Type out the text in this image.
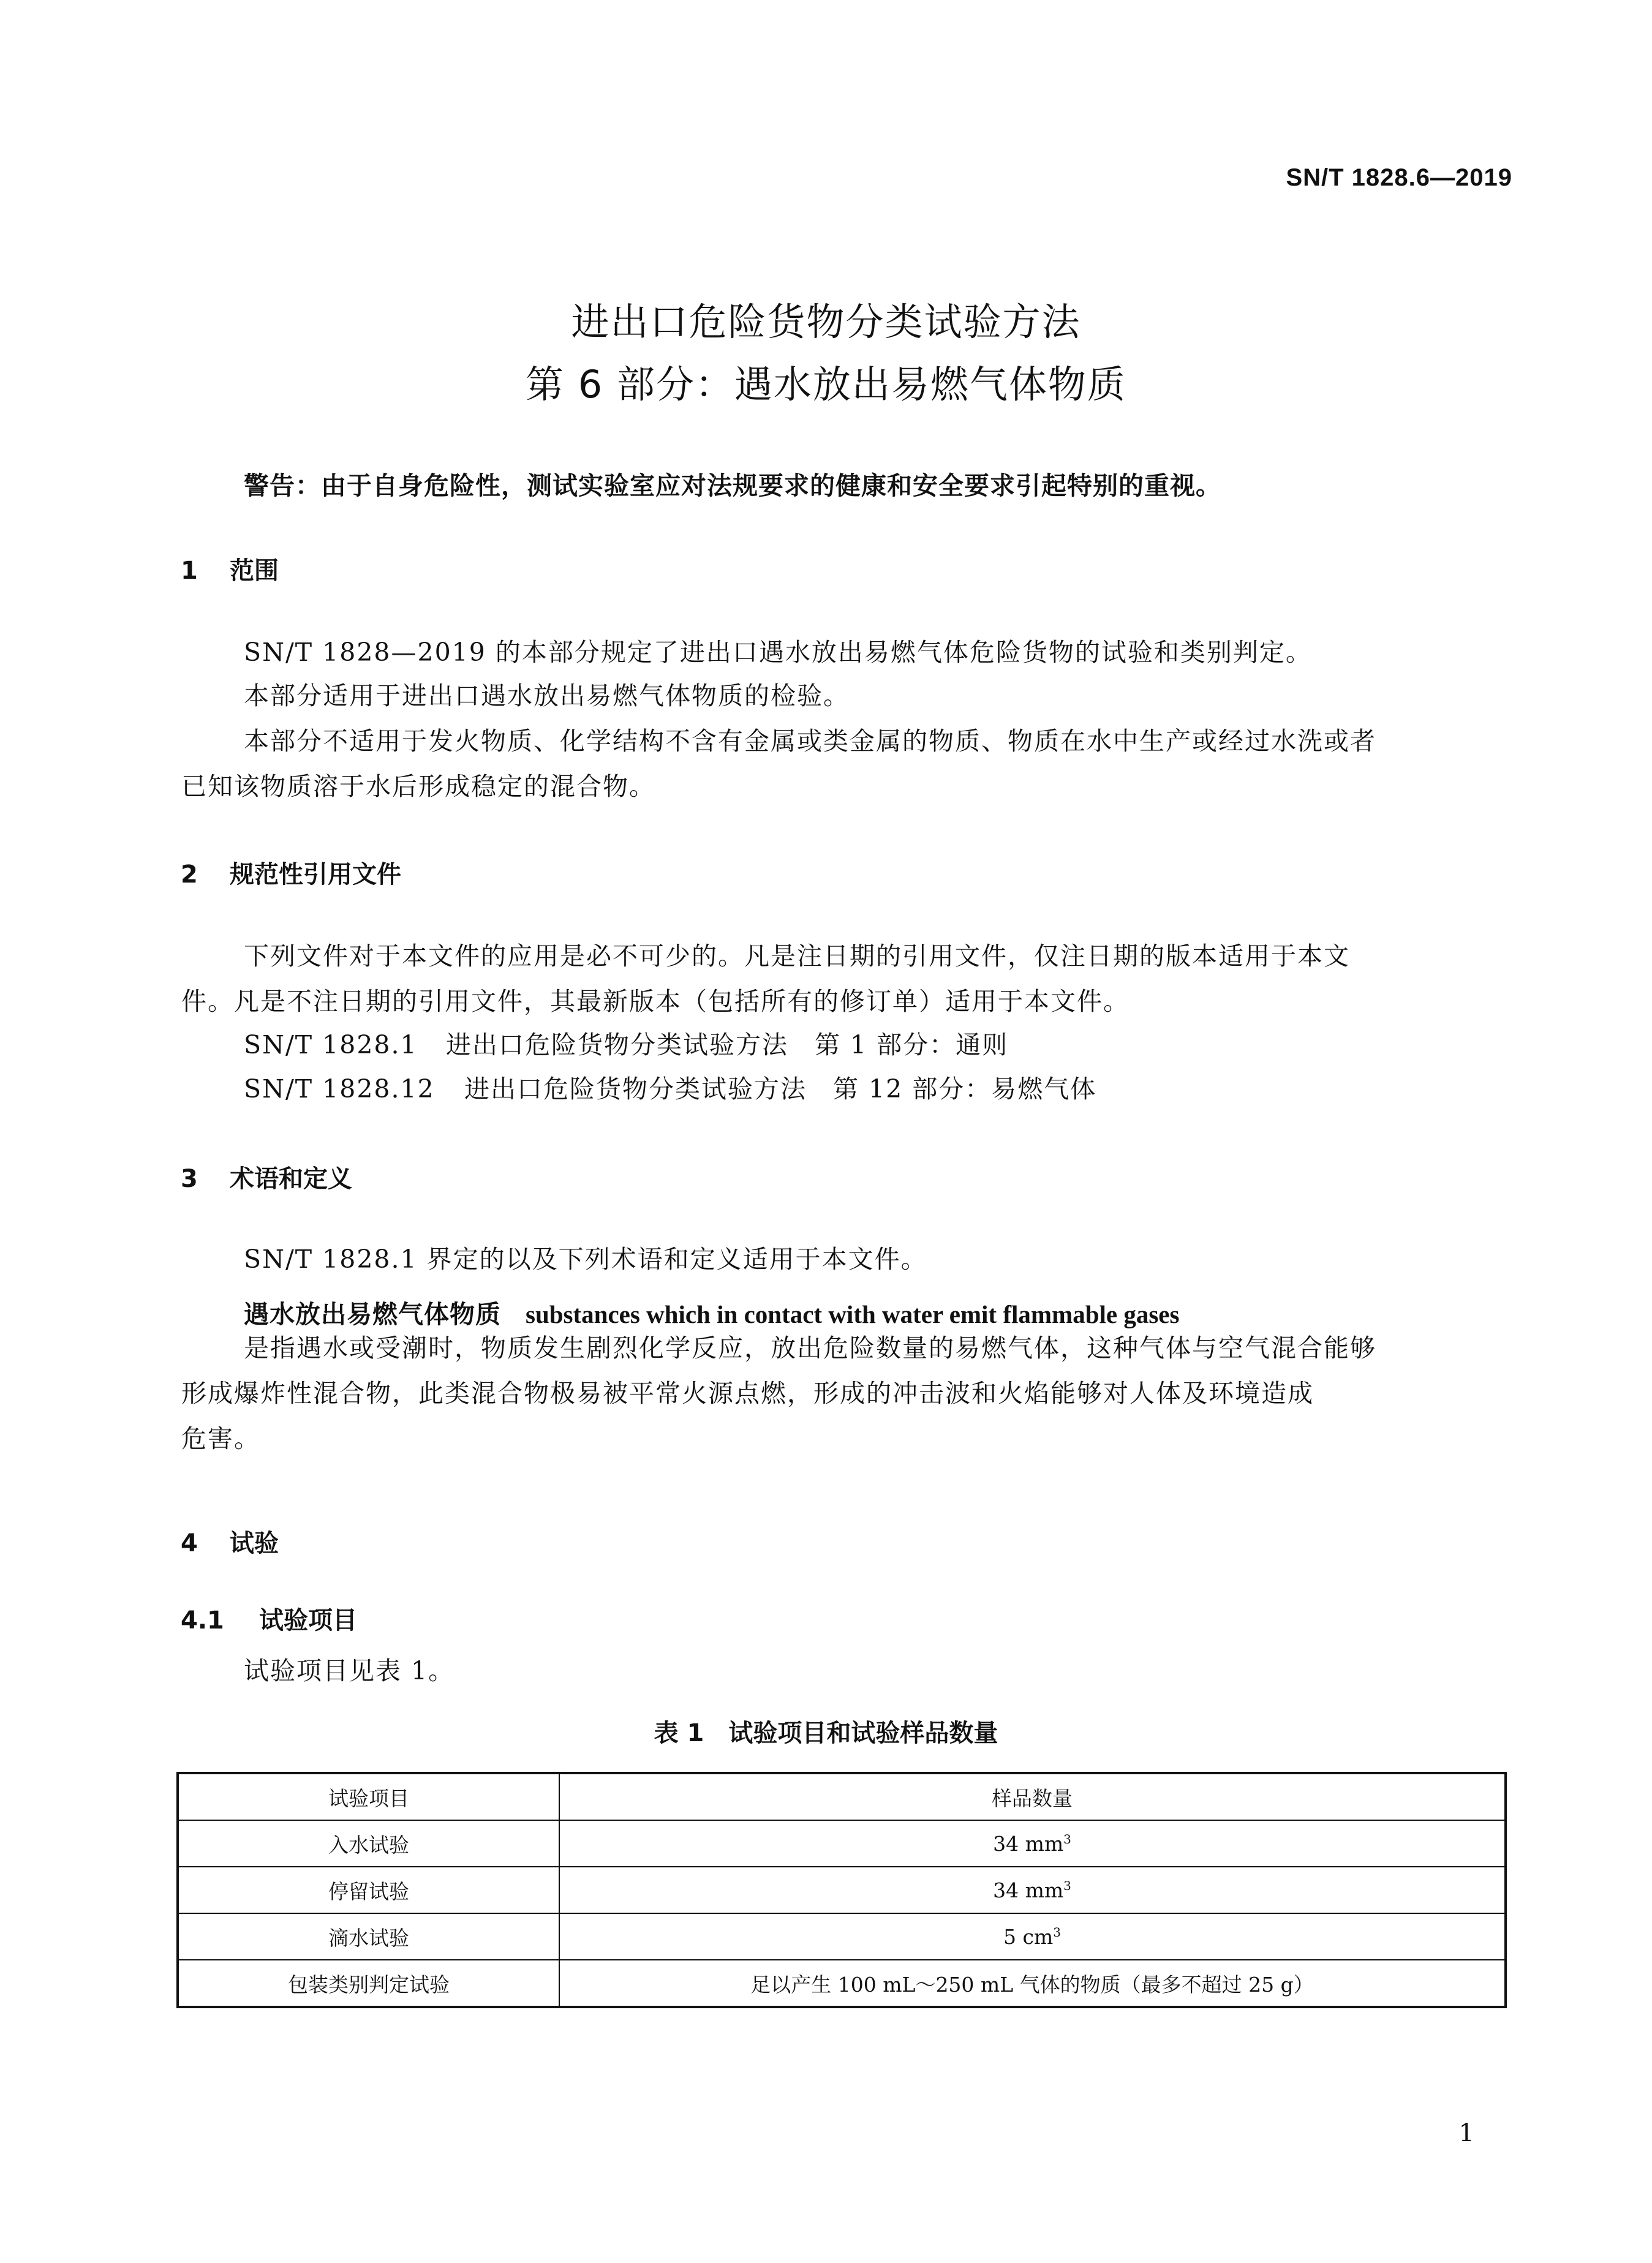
SN/T 1828.6—2019
进出口危险货物分类试验方法
第 6 部分：遇水放出易燃气体物质
警告：由于自身危险性，测试实验室应对法规要求的健康和安全要求引起特别的重视。
1 范围
SN/T 1828—2019 的本部分规定了进出口遇水放出易燃气体危险货物的试验和类别判定。
本部分适用于进出口遇水放出易燃气体物质的检验。
本部分不适用于发火物质、化学结构不含有金属或类金属的物质、物质在水中生产或经过水洗或者
已知该物质溶于水后形成稳定的混合物。
2 规范性引用文件
下列文件对于本文件的应用是必不可少的。凡是注日期的引用文件，仅注日期的版本适用于本文
件。凡是不注日期的引用文件，其最新版本（包括所有的修订单）适用于本文件。
SN/T 1828.1 进出口危险货物分类试验方法　第 1 部分：通则
SN/T 1828.12 进出口危险货物分类试验方法　第 12 部分：易燃气体
3 术语和定义
SN/T 1828.1 界定的以及下列术语和定义适用于本文件。
遇水放出易燃气体物质 substances which in contact with water emit flammable gases
是指遇水或受潮时，物质发生剧烈化学反应，放出危险数量的易燃气体，这种气体与空气混合能够
形成爆炸性混合物，此类混合物极易被平常火源点燃，形成的冲击波和火焰能够对人体及环境造成
危害。
4 试验
4.1 试验项目
试验项目见表 1。
表 1　试验项目和试验样品数量
试验项目	样品数量
入水试验	34 $mm^3$
停留试验	34 $mm^3$
滴水试验	5 $cm^3$
包装类别判定试验	足以产生 100 mL～250 mL 气体的物质（最多不超过 25 g）
1
